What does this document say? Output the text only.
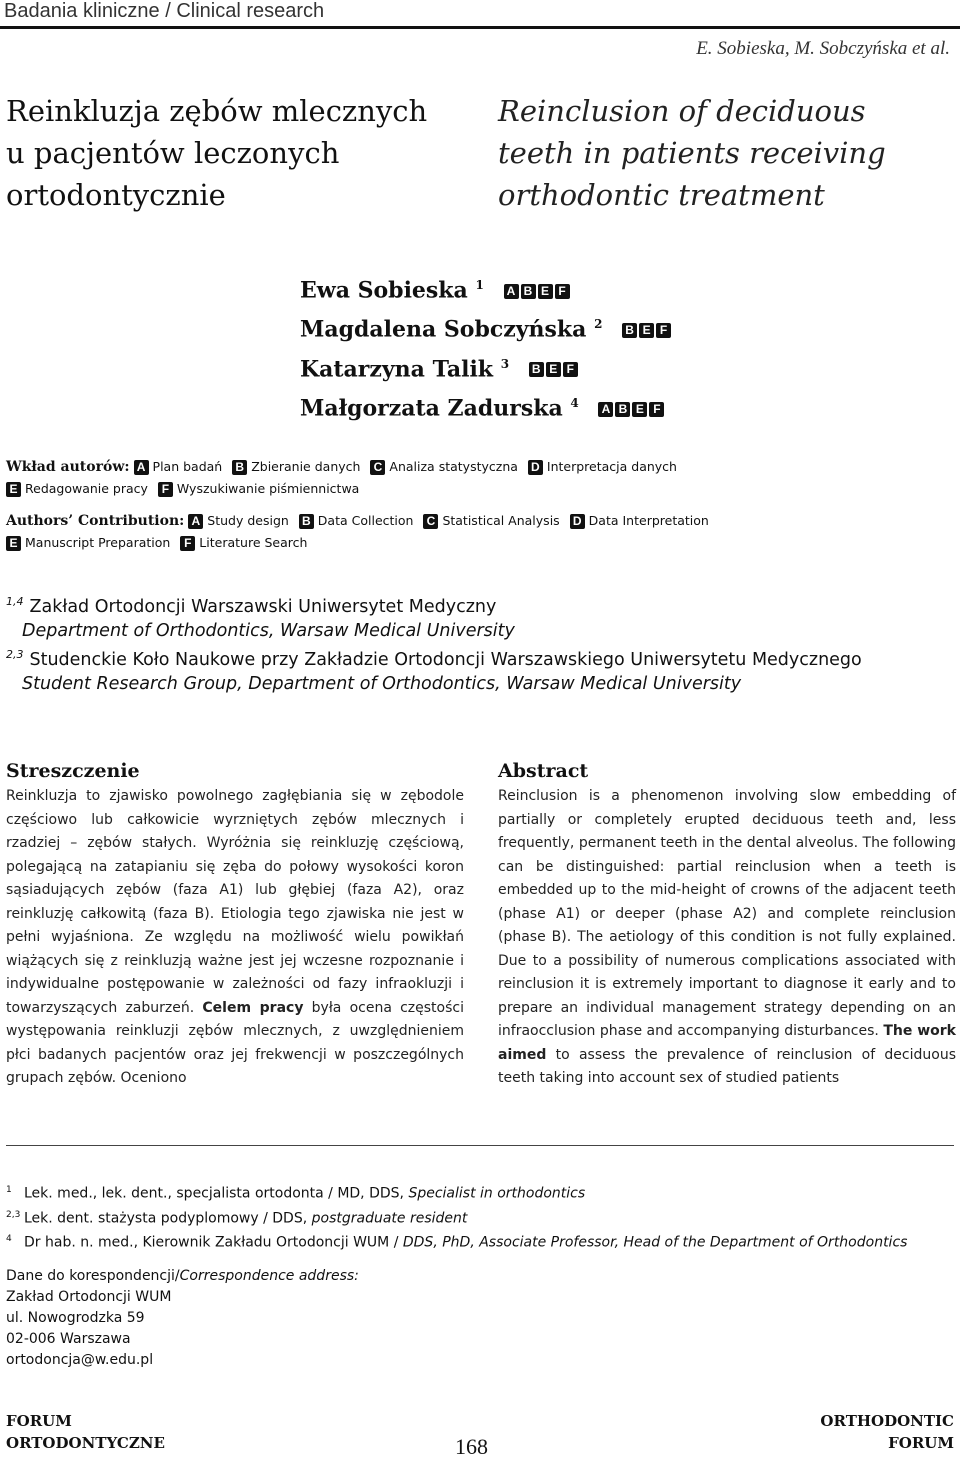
Badania kliniczne / Clinical research
E. Sobieska, M. Sobczyńska et al.
Reinkluzja zębów mlecznych
u pacjentów leczonych
ortodontycznie
Reinclusion of deciduous
teeth in patients receiving
orthodontic treatment
Ewa Sobieska $^1$ A B E F
Magdalena Sobczyńska $^2$ B E F
Katarzyna Talik $^3$ B E F
Małgorzata Zadurska $^4$ A B E F
Wkład autorów: A Plan badań B Zbieranie danych C Analiza statystyczna D Interpretacja danych
E Redagowanie pracy F Wyszukiwanie piśmiennictwa
Authors’ Contribution: A Study design B Data Collection C Statistical Analysis D Data Interpretation
E Manuscript Preparation F Literature Search
$^{1,4}$ Zakład Ortodoncji Warszawski Uniwersytet Medyczny
Department of Orthodontics, Warsaw Medical University
$^{2,3}$ Studenckie Koło Naukowe przy Zakładzie Ortodoncji Warszawskiego Uniwersytetu Medycznego
Student Research Group, Department of Orthodontics, Warsaw Medical University
Streszczenie
Reinkluzja to zjawisko powolnego zagłębiania się w zębodole częściowo lub całkowicie wyrzniętych zębów mlecznych i rzadziej – zębów stałych. Wyróżnia się reinkluzję częściową, polegającą na zatapianiu się zęba do połowy wysokości koron sąsiadujących zębów (faza A1) lub głębiej (faza A2), oraz reinkluzję całkowitą (faza B). Etiologia tego zjawiska nie jest w pełni wyjaśniona. Ze względu na możliwość wielu powikłań wiążących się z reinkluzją ważne jest jej wczesne rozpoznanie i indywidualne postępowanie w zależności od fazy infraokluzji i towarzyszących zaburzeń. Celem pracy była ocena częstości występowania reinkluzji zębów mlecznych, z uwzględnieniem płci badanych pacjentów oraz jej frekwencji w poszczególnych grupach zębów. Oceniono
Abstract
Reinclusion is a phenomenon involving slow embedding of partially or completely erupted deciduous teeth and, less frequently, permanent teeth in the dental alveolus. The following can be distinguished: partial reinclusion when a teeth is embedded up to the mid-height of crowns of the adjacent teeth (phase A1) or deeper (phase A2) and complete reinclusion (phase B). The aetiology of this condition is not fully explained. Due to a possibility of numerous complications associated with reinclusion it is extremely important to diagnose it early and to prepare an individual management strategy depending on an infraocclusion phase and accompanying disturbances. The work aimed to assess the prevalence of reinclusion of deciduous teeth taking into account sex of studied patients
$^1$ Lek. med., lek. dent., specjalista ortodonta / MD, DDS, Specialist in orthodontics
$^{2,3}$ Lek. dent. stażysta podyplomowy / DDS, postgraduate resident
$^4$ Dr hab. n. med., Kierownik Zakładu Ortodoncji WUM / DDS, PhD, Associate Professor, Head of the Department of Orthodontics
Dane do korespondencji/Correspondence address:
Zakład Ortodoncji WUM
ul. Nowogrodzka 59
02-006 Warszawa
ortodoncja@w.edu.pl
FORUM
ORTODONTYCZNE	168
ORTHODONTIC
FORUM
